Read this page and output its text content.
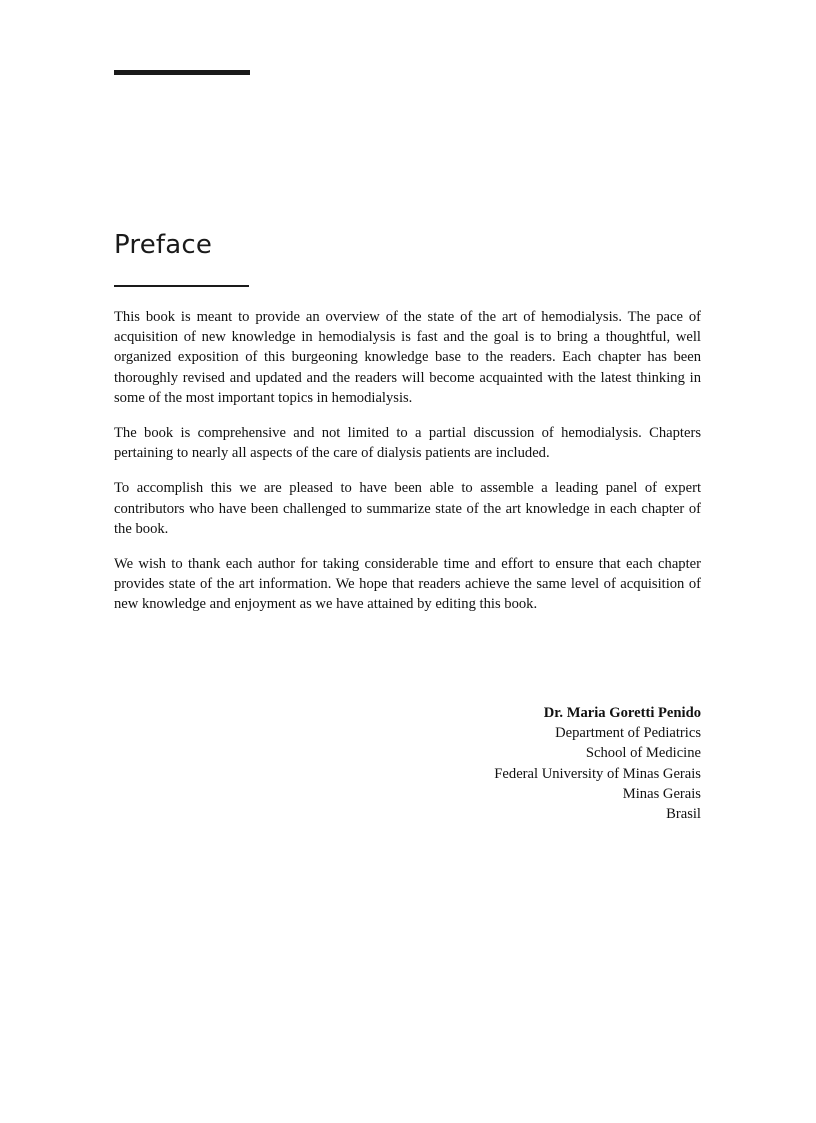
Preface

This book is meant to provide an overview of the state of the art of hemodialysis. The pace of acquisition of new knowledge in hemodialysis is fast and the goal is to bring a thoughtful, well organized exposition of this burgeoning knowledge base to the readers. Each chapter has been thoroughly revised and updated and the readers will become acquainted with the latest thinking in some of the most important topics in hemodialysis.

The book is comprehensive and not limited to a partial discussion of hemodialysis. Chapters pertaining to nearly all aspects of the care of dialysis patients are included.

To accomplish this we are pleased to have been able to assemble a leading panel of expert contributors who have been challenged to summarize state of the art knowledge in each chapter of the book.

We wish to thank each author for taking considerable time and effort to ensure that each chapter provides state of the art information. We hope that readers achieve the same level of acquisition of new knowledge and enjoyment as we have attained by editing this book.

Dr. Maria Goretti Penido
Department of Pediatrics
School of Medicine
Federal University of Minas Gerais
Minas Gerais
Brasil
